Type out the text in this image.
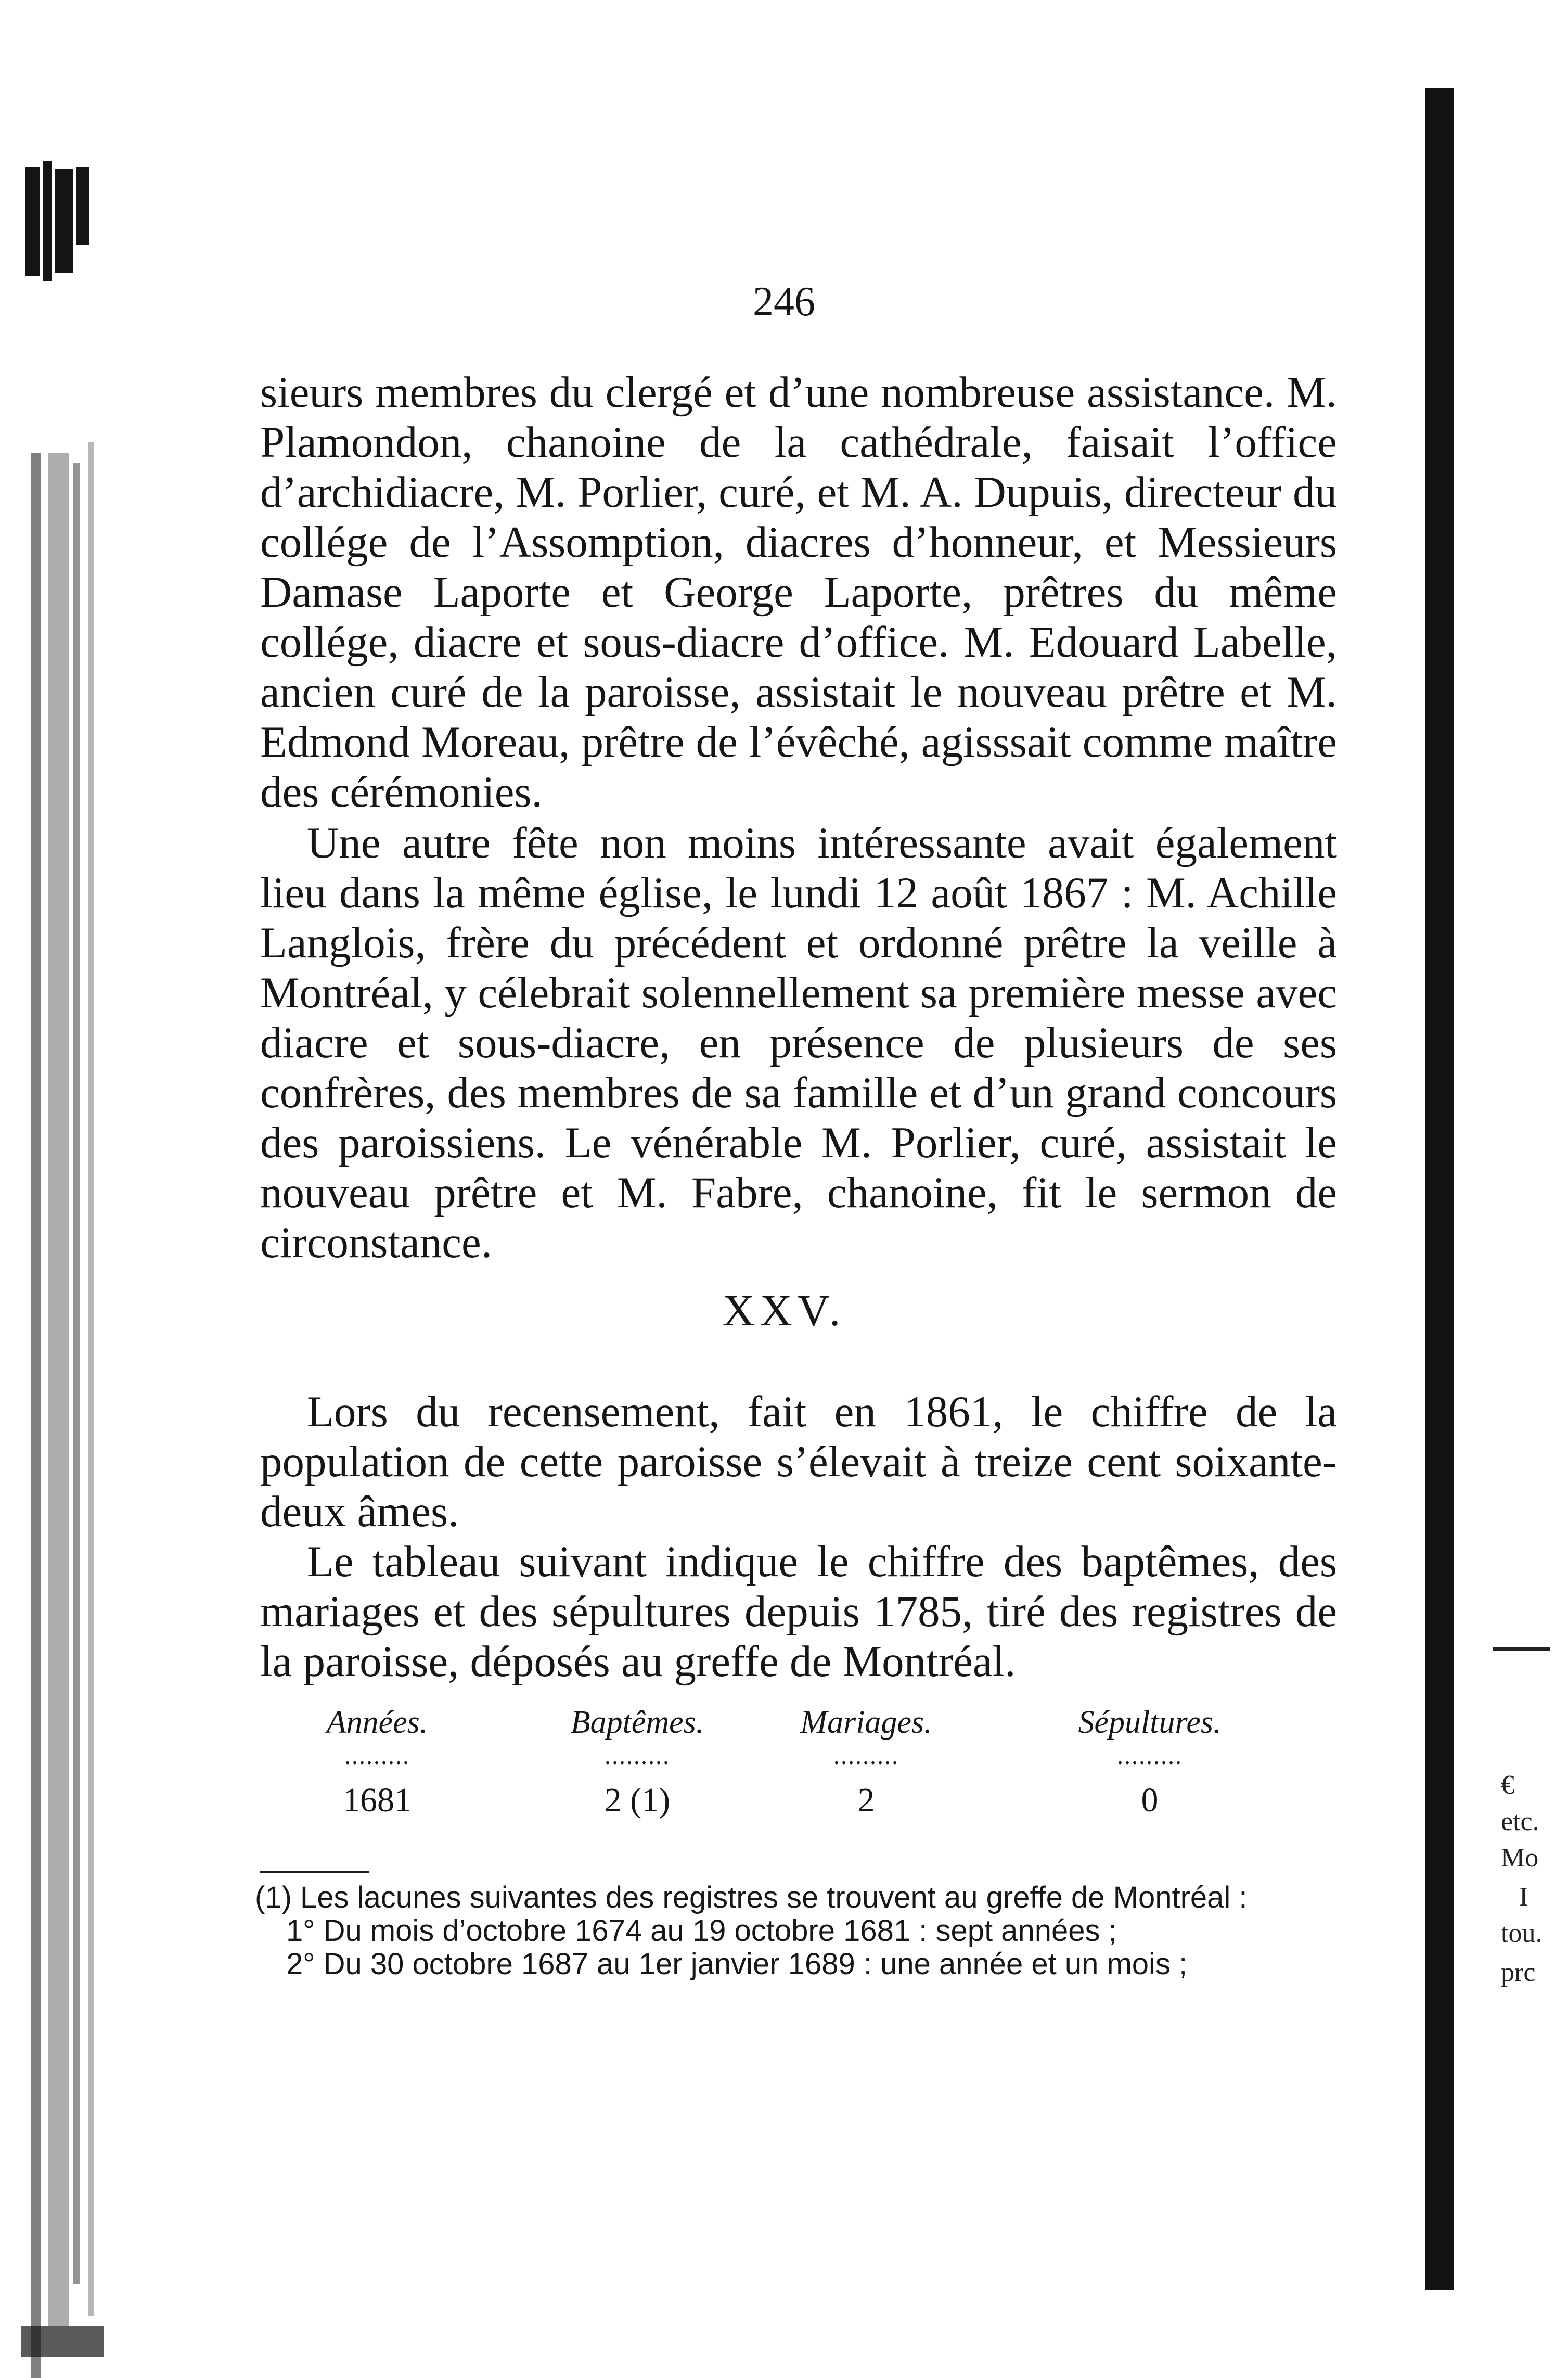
€
etc.
Mo
I
tou.
prc
246
sieurs membres du clergé et d’une nombreuse assistance. M. Plamondon, chanoine de la cathédrale, faisait l’office d’archidiacre, M. Porlier, curé, et M. A. Dupuis, directeur du collége de l’Assomption, diacres d’honneur, et Messieurs Damase Laporte et George Laporte, prêtres du même collége, diacre et sous-diacre d’office. M. Edouard Labelle, ancien curé de la paroisse, assistait le nouveau prêtre et M. Edmond Moreau, prêtre de l’évêché, agisssait comme maître des cérémonies.
Une autre fête non moins intéressante avait également lieu dans la même église, le lundi 12 août 1867 : M. Achille Langlois, frère du précédent et ordonné prêtre la veille à Montréal, y célebrait solennellement sa première messe avec diacre et sous-diacre, en présence de plusieurs de ses confrères, des membres de sa famille et d’un grand concours des paroissiens. Le vénérable M. Porlier, curé, assistait le nouveau prêtre et M. Fabre, chanoine, fit le sermon de circonstance.
XXV.
Lors du recensement, fait en 1861, le chiffre de la population de cette paroisse s’élevait à treize cent soixante-deux âmes.
Le tableau suivant indique le chiffre des baptêmes, des mariages et des sépultures depuis 1785, tiré des registres de la paroisse, déposés au greffe de Montréal.
Années.	Baptêmes.	Mariages.	Sépultures.
.........	.........	.........	.........
1681	2 (1)	2	0
(1) Les lacunes suivantes des registres se trouvent au greffe de Montréal :
1° Du mois d’octobre 1674 au 19 octobre 1681 : sept années ;
2° Du 30 octobre 1687 au 1er janvier 1689 : une année et un mois ;
